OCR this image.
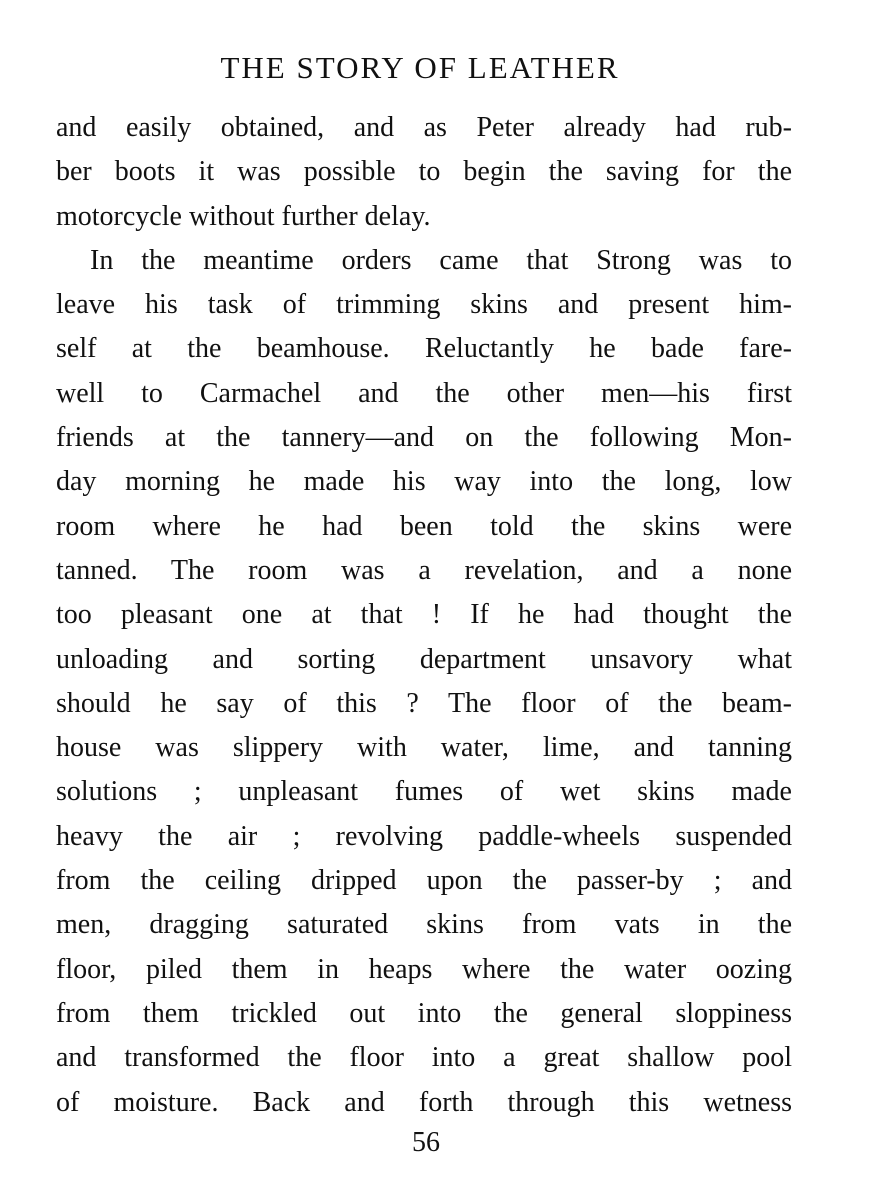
THE STORY OF LEATHER
and easily obtained, and as Peter already had rub-
ber boots it was possible to begin the saving for the
motorcycle without further delay.
In the meantime orders came that Strong was to
leave his task of trimming skins and present him-
self at the beamhouse. Reluctantly he bade fare-
well to Carmachel and the other men—his first
friends at the tannery—and on the following Mon-
day morning he made his way into the long, low
room where he had been told the skins were
tanned. The room was a revelation, and a none
too pleasant one at that ! If he had thought the
unloading and sorting department unsavory what
should he say of this ? The floor of the beam-
house was slippery with water, lime, and tanning
solutions ; unpleasant fumes of wet skins made
heavy the air ; revolving paddle-wheels suspended
from the ceiling dripped upon the passer-by ; and
men, dragging saturated skins from vats in the
floor, piled them in heaps where the water oozing
from them trickled out into the general sloppiness
and transformed the floor into a great shallow pool
of moisture. Back and forth through this wetness
56
